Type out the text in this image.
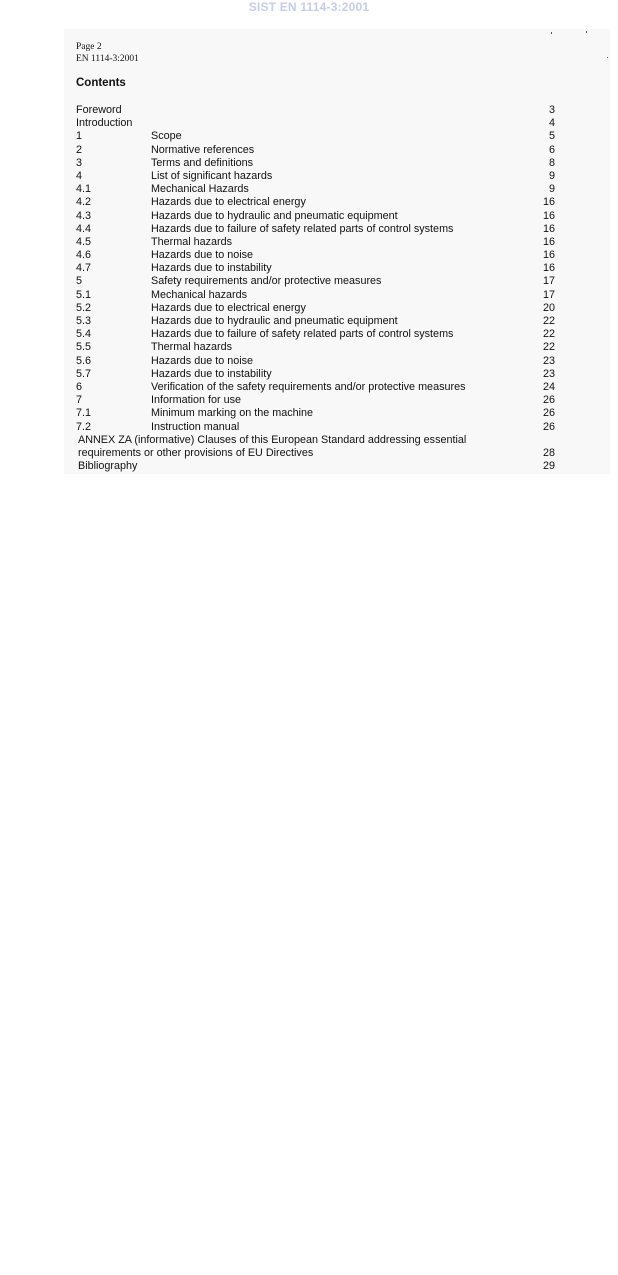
SIST EN 1114-3:2001
Page 2
EN 1114-3:2001
Contents
Foreword	3
Introduction	4
1	Scope	5
2	Normative references	6
3	Terms and definitions	8
4	List of significant hazards	9
4.1	Mechanical Hazards	9
4.2	Hazards due to electrical energy	16
4.3	Hazards due to hydraulic and pneumatic equipment	16
4.4	Hazards due to failure of safety related parts of control systems	16
4.5	Thermal hazards	16
4.6	Hazards due to noise	16
4.7	Hazards due to instability	16
5	Safety requirements and/or protective measures	17
5.1	Mechanical hazards	17
5.2	Hazards due to electrical energy	20
5.3	Hazards due to hydraulic and pneumatic equipment	22
5.4	Hazards due to failure of safety related parts of control systems	22
5.5	Thermal hazards	22
5.6	Hazards due to noise	23
5.7	Hazards due to instability	23
6	Verification of the safety requirements and/or protective measures	24
7	Information for use	26
7.1	Minimum marking on the machine	26
7.2	Instruction manual	26
ANNEX ZA (informative) Clauses of this European Standard addressing essential
requirements or other provisions of EU Directives	28
Bibliography	29
